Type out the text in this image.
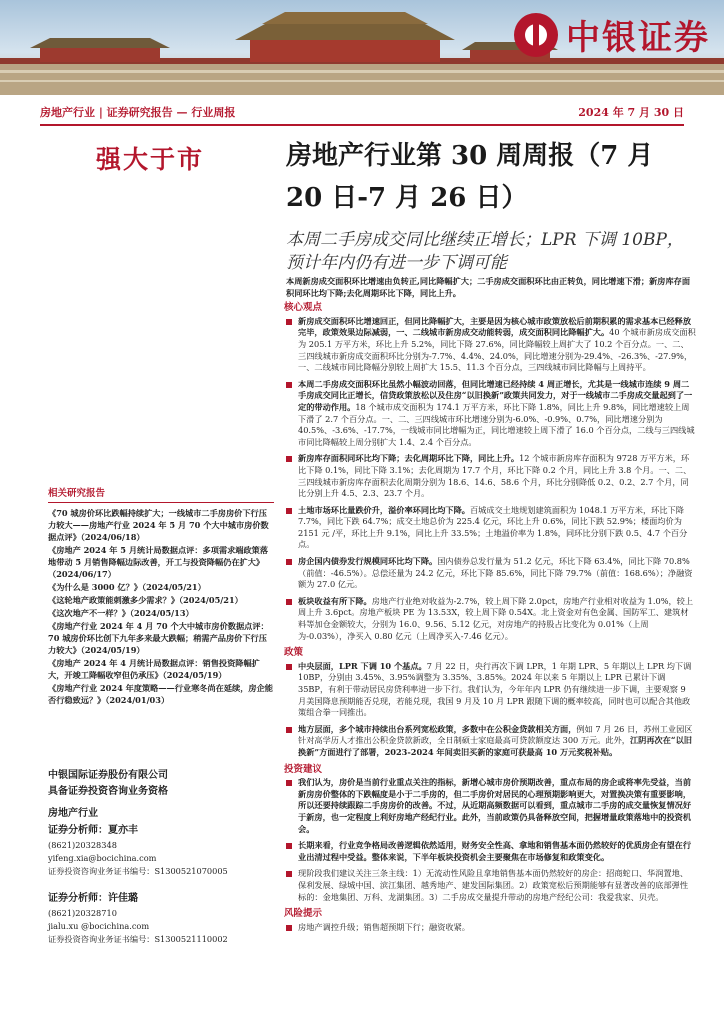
中银证券
房地产行业 | 证券研究报告 — 行业周报	2024 年 7 月 30 日
强大于市	房地产行业第 30 周周报（7 月 20 日-7 月 26 日）
本周二手房成交同比继续正增长；LPR 下调 10BP，预计年内仍有进一步下调可能
本周新房成交面积环比增速由负转正,同比降幅扩大；二手房成交面积环比由正转负，同比增速下滑；新房库存面积同环比均下降;去化周期环比下降，同比上升。
核心观点
新房成交面积环比增速回正，但同比降幅扩大，主要是因为核心城市政策放松后前期积累的需求基本已经释放完毕，政策效果边际减弱，一、二线城市新房成交动能转弱，成交面积同比降幅扩大。40 个城市新房成交面积为 205.1 万平方米，环比上升 5.2%，同比下降 27.6%，同比降幅较上周扩大了 10.2 个百分点。一、二、三四线城市新房成交面积环比分别为-7.7%、4.4%、24.0%，同比增速分别为-29.4%、-26.3%、-27.9%，一、二线城市同比降幅分别较上周扩大 15.5、11.3 个百分点，三四线城市同比降幅与上周持平。
本周二手房成交面积环比虽然小幅波动回落，但同比增速已经持续 4 周正增长，尤其是一线城市连续 9 周二手房成交同比正增长，信贷政策放松以及住房“以旧换新”政策共同发力，对于一线城市二手房成交量起到了一定的带动作用。18 个城市成交面积为 174.1 万平方米，环比下降 1.8%，同比上升 9.8%，同比增速较上周下滑了 2.7 个百分点。一、二、三四线城市环比增速分别为-6.0%、-0.9%、0.7%，同比增速分别为 40.5%、-3.6%、-17.7%，一线城市同比增幅为正，同比增速较上周下滑了 16.0 个百分点，二线与三四线城市同比降幅较上周分别扩大 1.4、2.4 个百分点。
新房库存面积同环比均下降；去化周期环比下降，同比上升。12 个城市新房库存面积为 9728 万平方米，环比下降 0.1%，同比下降 3.1%；去化周期为 17.7 个月，环比下降 0.2 个月，同比上升 3.8 个月。一、二、三四线城市新房库存面积去化周期分别为 18.6、14.6、58.6 个月，环比分别降低 0.2、0.2、2.7 个月，同比分别上升 4.5、2.3、23.7 个月。
土地市场环比量跌价升，溢价率环同比均下降。百城成交土地规划建筑面积为 1048.1 万平方米，环比下降 7.7%，同比下跌 64.7%；成交土地总价为 225.4 亿元，环比上升 0.6%，同比下跌 52.9%；楼面均价为 2151 元 /平，环比上升 9.1%，同比上升 33.5%；土地溢价率为 1.8%，同环比分别下跌 0.5、4.7 个百分点。
房企国内债券发行规模同环比均下降。国内债券总发行量为 51.2 亿元，环比下降 63.4%，同比下降 70.8%（前值：-46.5%）。总偿还量为 24.2 亿元，环比下降 85.6%，同比下降 79.7%（前值：168.6%）；净融资额为 27.0 亿元。
板块收益有所下降。房地产行业绝对收益为-2.7%，较上周下降 2.0pct，房地产行业相对收益为 1.0%，较上周上升 3.6pct。房地产板块 PE 为 13.53X，较上周下降 0.54X。北上资金对有色金属、国防军工、建筑材料等加仓金额较大，分别为 16.0、9.56、5.12 亿元，对房地产的持股占比变化为 0.01%（上周为-0.03%），净买入 0.80 亿元（上周净买入-7.46 亿元）。
政策
中央层面，LPR 下调 10 个基点。7 月 22 日，央行再次下调 LPR，1 年期 LPR、5 年期以上 LPR 均下调 10BP，分别由 3.45%、3.95%调整为 3.35%、3.85%。2024 年以来 5 年期以上 LPR 已累计下调 35BP，有利于带动居民房贷利率进一步下行。我们认为，今年年内 LPR 仍有继续进一步下调，主要观察 9 月美国降息预期能否兑现，若能兑现，我国 9 月及 10 月 LPR 跟随下调的概率较高，同时也可以配合其他政策组合拳一同推出。
地方层面，多个城市持续出台系列宽松政策，多数中在公积金贷款相关方面，例如 7 月 26 日，苏州工业园区针对高学历人才推出公积金贷款新政，全日制硕士家庭最高可贷款额度达 300 万元。此外，江阴再次在“以旧换新”方面进行了部署，2023-2024 年间卖旧买新的家庭可获最高 10 万元奖税补贴。
投资建议
我们认为，房价是当前行业重点关注的指标，新增心城市房价预期改善，重点布局的房企或将率先受益，当前新房房价整体的下跌幅度是小于二手房的，但二手房价对居民的心理预期影响更大，对置换决策有重要影响，所以还要持续跟踪二手房房价的改善。不过，从近期高频数据可以看到，重点城市二手房的成交量恢复情况好于新房，也一定程度上利好房地产经纪行业。此外，当前政策仍具备释放空间，把握增量政策落地中的投资机会。
长期来看，行业竞争格局改善逻辑依然适用，财务安全性高、拿地和销售基本面仍然较好的优质房企有望在行业出清过程中受益。整体来说，下半年板块投资机会主要聚焦在市场修复和政策变化。
现阶段我们建议关注三条主线：1）无流动性风险且拿地销售基本面仍然较好的房企：招商蛇口、华润置地、保利发展、绿城中国、滨江集团、越秀地产、建发国际集团。2）政策宽松后预期能够有显著改善的底部弹性标的：金地集团、万科、龙湖集团。3）二手房成交量提升带动的房地产经纪公司：我爱我家、贝壳。
风险提示
房地产调控升级；销售超预期下行；融资收紧。
相关研究报告
《70 城房价环比跌幅持续扩大；一线城市二手房房价下行压力较大——房地产行业 2024 年 5 月 70 个大中城市房价数据点评》（2024/06/18）
《房地产 2024 年 5 月统计局数据点评：多项需求端政策落地带动 5 月销售降幅边际改善，开工与投资降幅仍在扩大》（2024/06/17）
《为什么是 3000 亿？》（2024/05/21）
《这轮地产政策能刺激多少需求？》（2024/05/21）
《这次地产不一样？》（2024/05/13）
《房地产行业 2024 年 4 月 70 个大中城市房价数据点评：70 城房价环比创下九年多来最大跌幅；稍需产品房价下行压力较大》（2024/05/19）
《房地产 2024 年 4 月统计局数据点评：销售投资降幅扩大，开竣工降幅收窄但仍承压》（2024/05/19）
《房地产行业 2024 年度策略——行业寒冬尚在延续，房企能否行稳致远？》（2024/01/03）
中银国际证券股份有限公司
具备证券投资咨询业务资格
房地产行业
证券分析师：夏亦丰
(8621)20328348
yifeng.xia@bocichina.com
证券投资咨询业务证书编号：S1300521070005
证券分析师：许佳璐
(8621)20328710
jialu.xu @bocichina.com
证券投资咨询业务证书编号：S1300521110002
